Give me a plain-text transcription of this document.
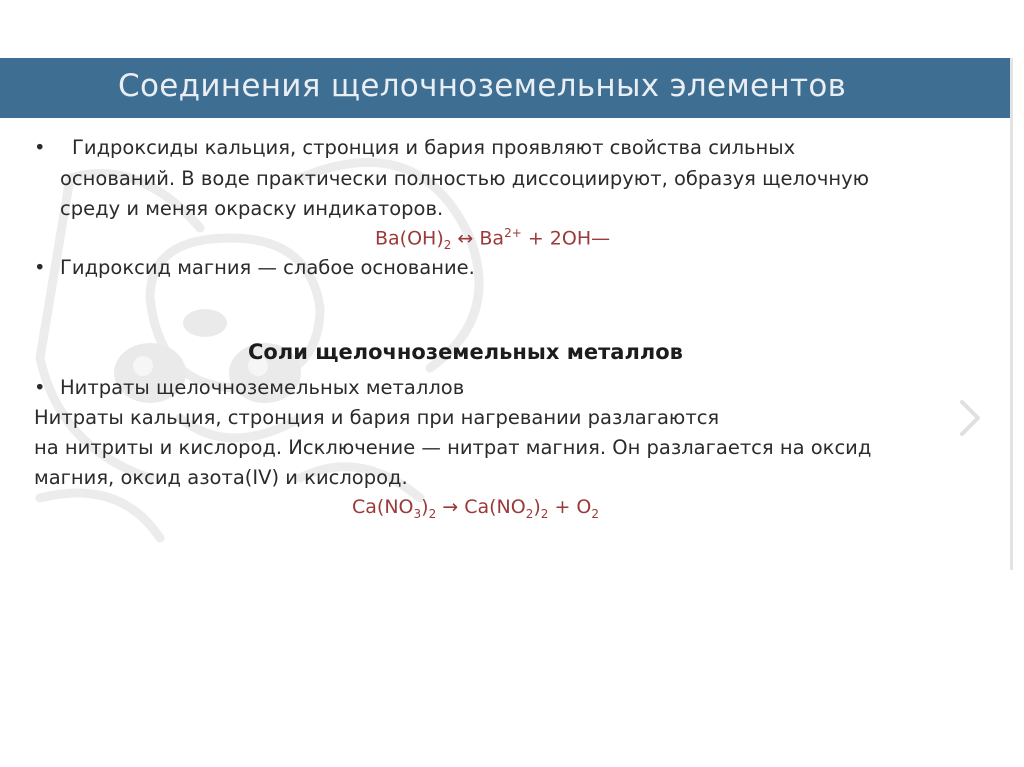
Соединения щелочноземельных элементов
• Гидроксиды кальция, стронция и бария проявляют свойства сильных
оснований. В воде практически полностью диссоциируют, образуя щелочную
среду и меняя окраску индикаторов.
$Ba(OH)_2$ ↔ $Ba^{2+}$ + 2OH—
• Гидроксид магния — слабое основание.
Соли щелочноземельных металлов
• Нитраты щелочноземельных металлов
Нитраты кальция, стронция и бария при нагревании разлагаются
на нитриты и кислород. Исключение — нитрат магния. Он разлагается на оксид
магния, оксид азота(IV) и кислород.
$Ca(NO_3)_2 \to Ca(NO_2)_2 + O_2$
